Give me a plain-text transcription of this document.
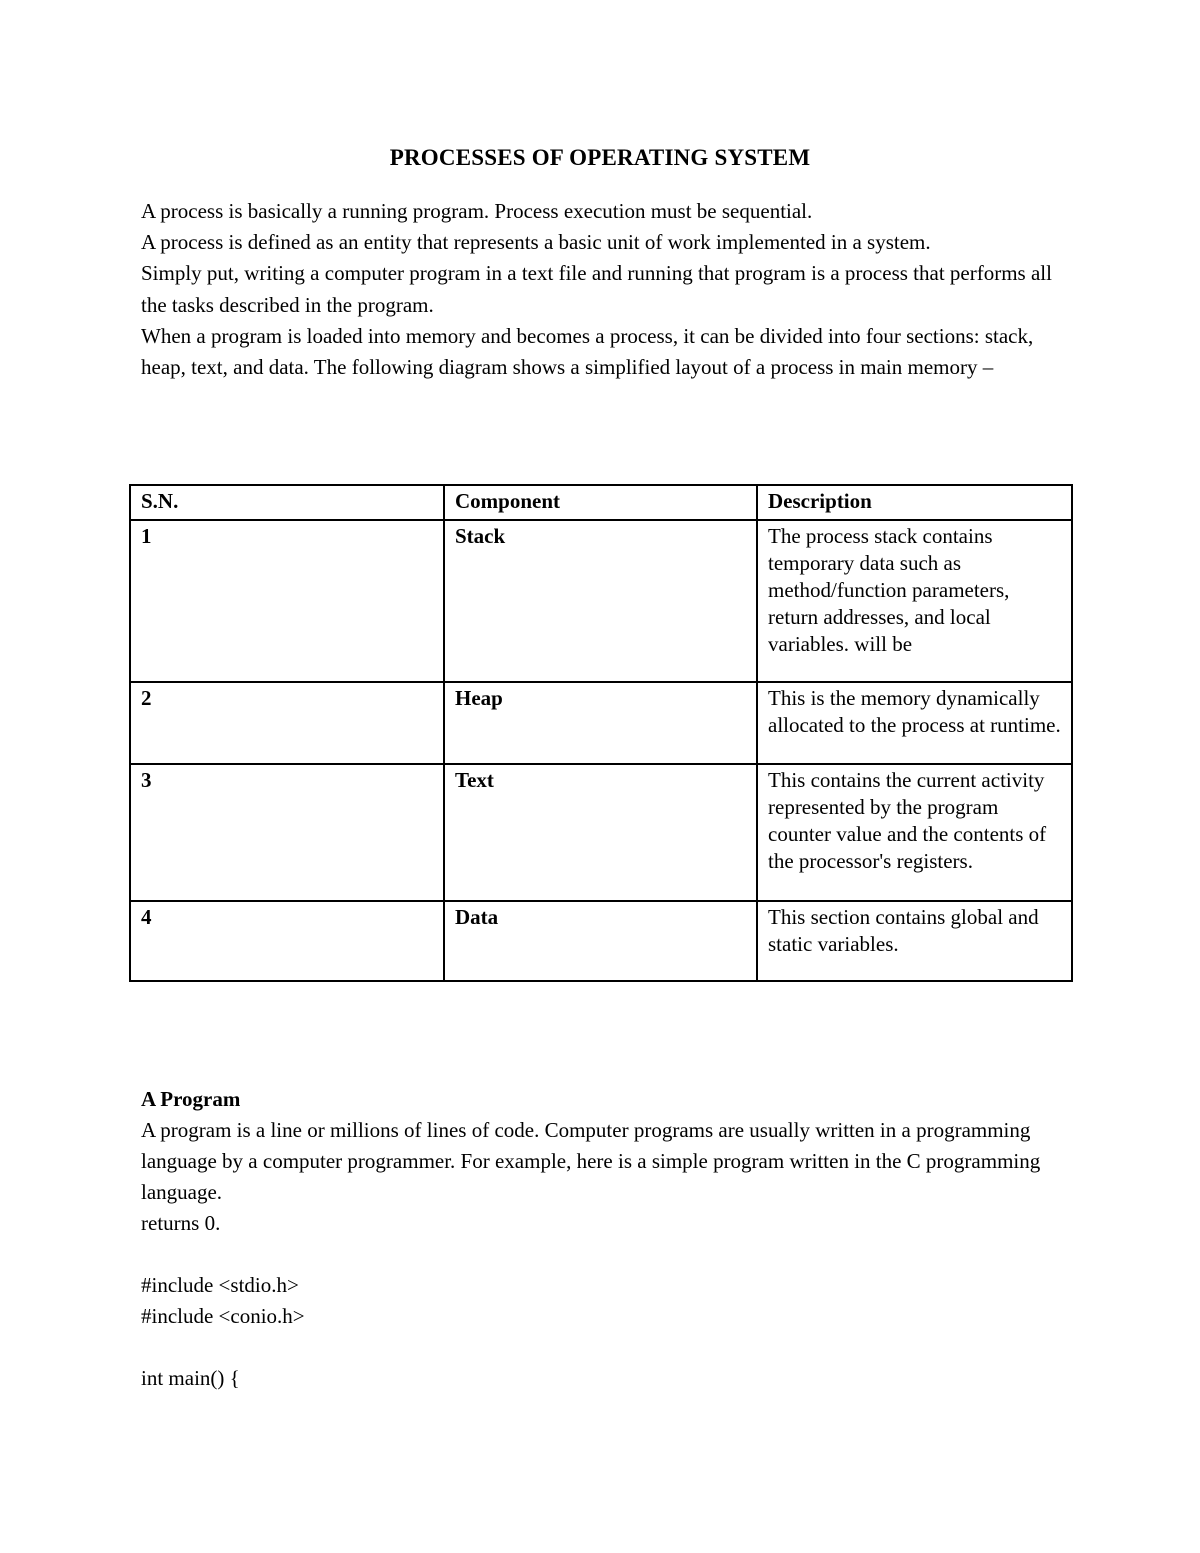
PROCESSES OF OPERATING SYSTEM

A process is basically a running program. Process execution must be sequential.

A process is defined as an entity that represents a basic unit of work implemented in a system.

Simply put, writing a computer program in a text file and running that program is a process that performs all the tasks described in the program.

When a program is loaded into memory and becomes a process, it can be divided into four sections: stack, heap, text, and data. The following diagram shows a simplified layout of a process in main memory –

S.N.	Component	Description
1	Stack	The process stack contains temporary data such as method/function parameters, return addresses, and local variables. will be
2	Heap	This is the memory dynamically allocated to the process at runtime.
3	Text	This contains the current activity represented by the program counter value and the contents of the processor's registers.
4	Data	This section contains global and static variables.

A Program

A program is a line or millions of lines of code. Computer programs are usually written in a programming language by a computer programmer. For example, here is a simple program written in the C programming language.

returns 0.

#include <stdio.h>

#include <conio.h>

int main() {
